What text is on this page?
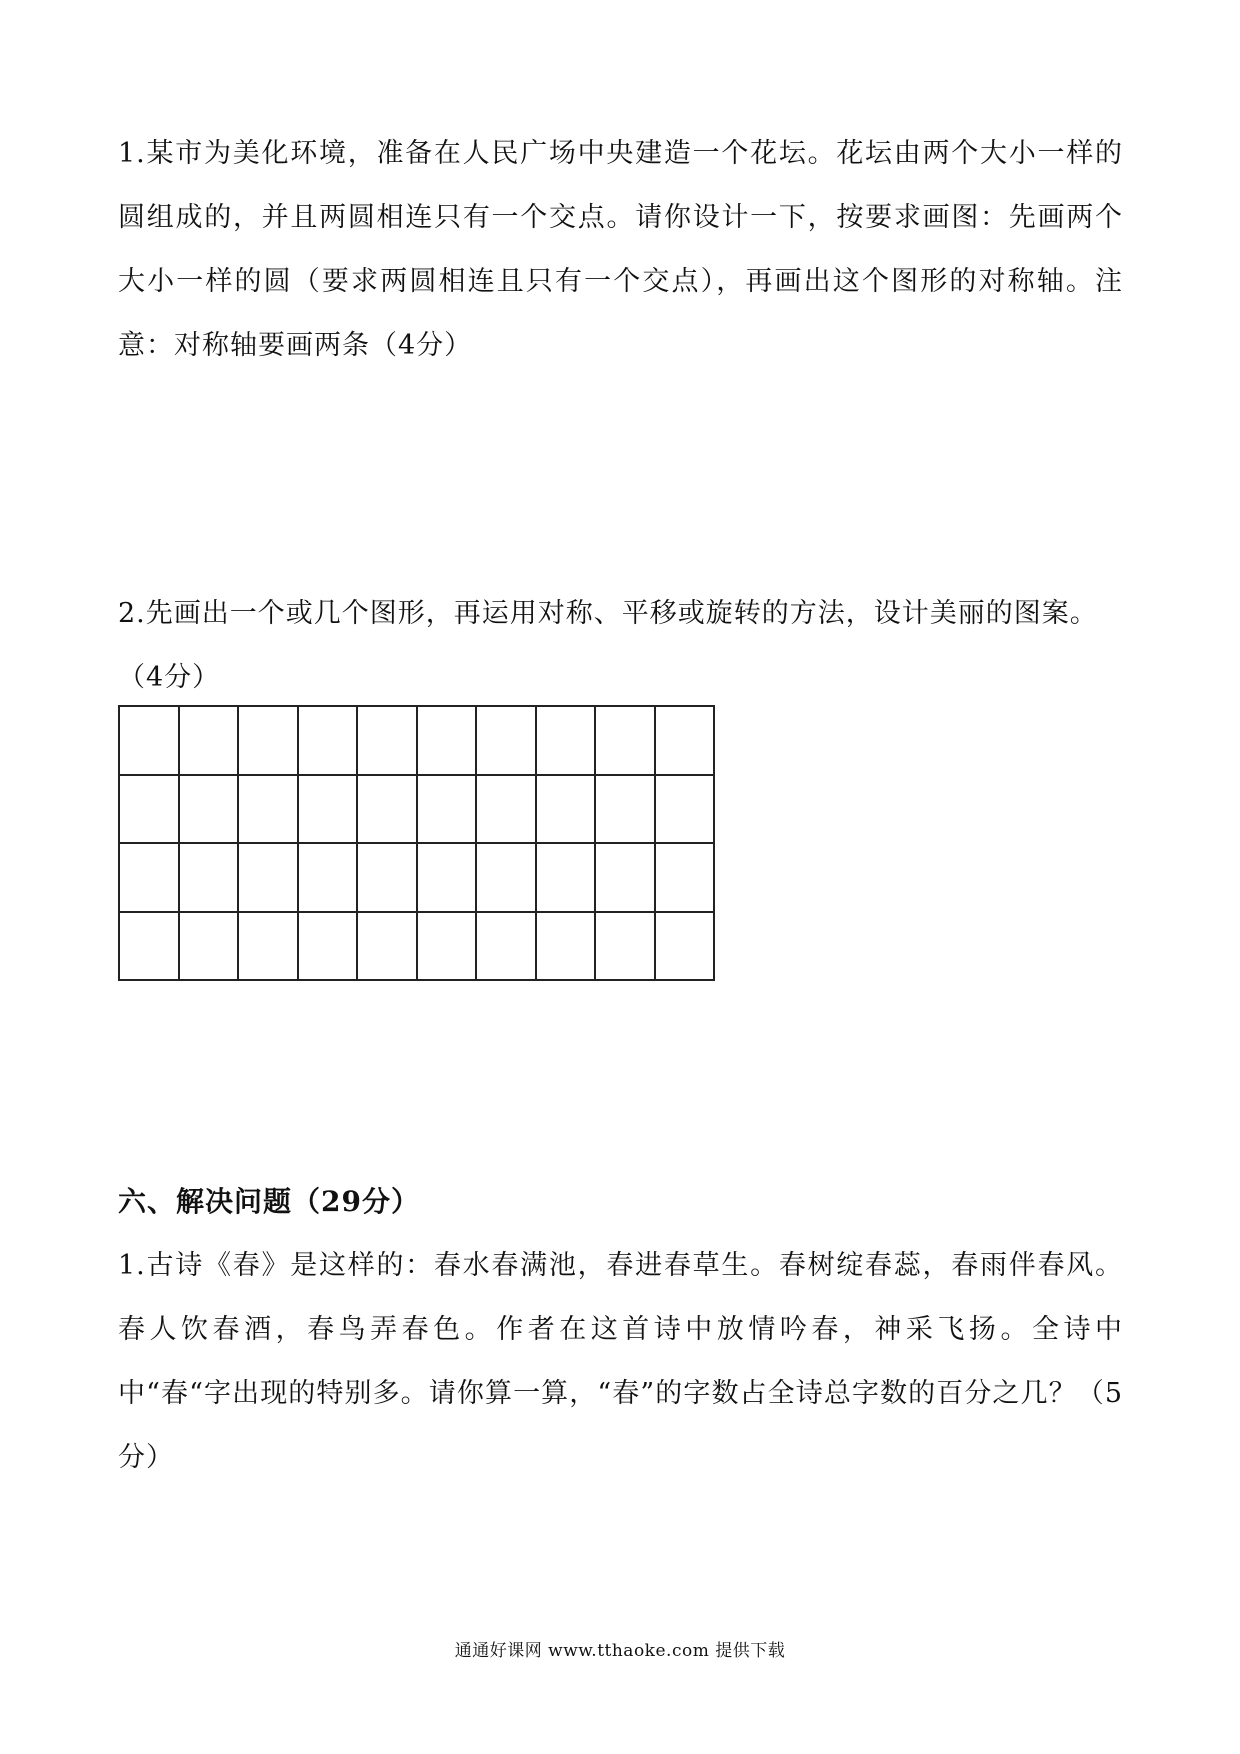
1.某市为美化环境，准备在人民广场中央建造一个花坛。花坛由两个大小一样的圆组成的，并且两圆相连只有一个交点。请你设计一下，按要求画图：先画两个大小一样的圆（要求两圆相连且只有一个交点），再画出这个图形的对称轴。注意：对称轴要画两条（4分）

2.先画出一个或几个图形，再运用对称、平移或旋转的方法，设计美丽的图案。

（4分）

六、解决问题（29分）

1.古诗《春》是这样的：春水春满池，春进春草生。春树绽春蕊，春雨伴春风。春人饮春酒，春鸟弄春色。作者在这首诗中放情吟春，神采飞扬。全诗中中“春“字出现的特别多。请你算一算，“春”的字数占全诗总字数的百分之几？（5分）

通通好课网 www.tthaoke.com 提供下载
